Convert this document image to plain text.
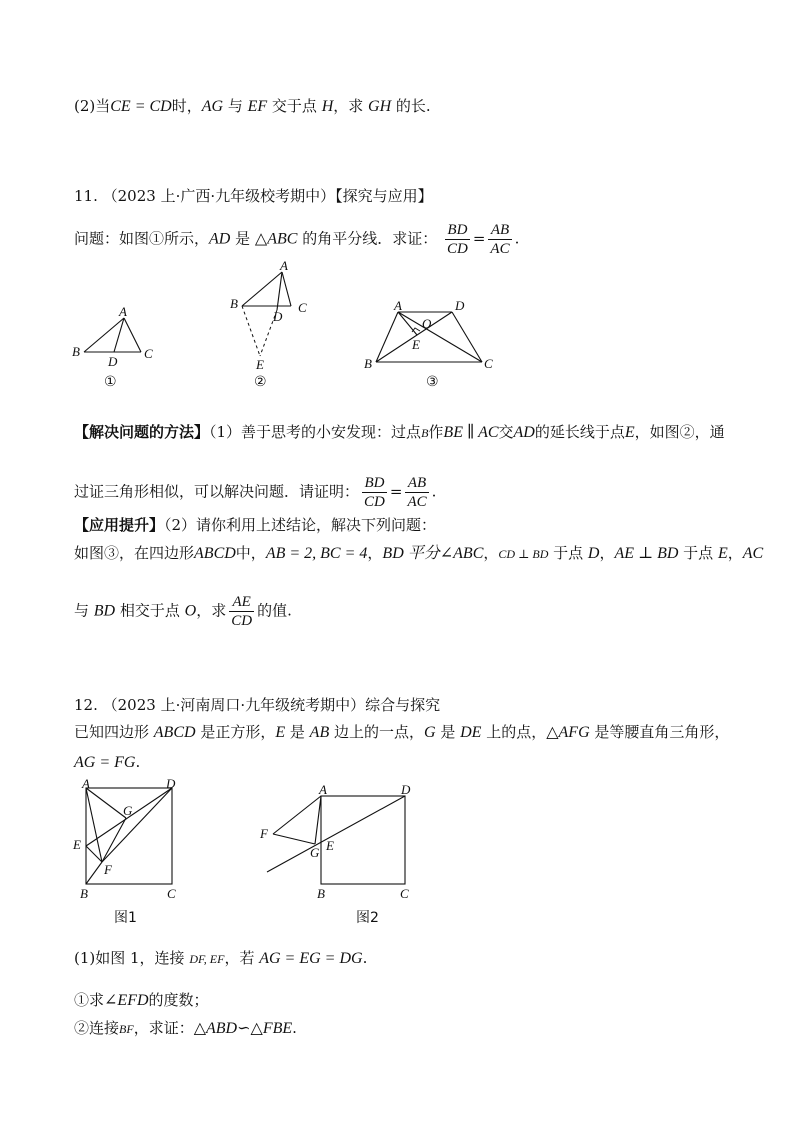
(2)当CE = CD时，AG 与 EF 交于点 H，求 GH 的长.
11. （2023 上·广西·九年级校考期中）【探究与应用】
问题：如图①所示，AD 是 △ABC 的角平分线．求证： $\frac{BD}{CD} = \frac{AB}{AC}$ .
A
B
D
C
①
A
B	C
D
E
②
A	D
O
E
B	C
③
【解决问题的方法】（1）善于思考的小安发现：过点B作BE ∥ AC交AD的延长线于点E，如图②，通
过证三角形相似，可以解决问题．请证明： $\frac{BD}{CD} = \frac{AB}{AC}$ .
【应用提升】（2）请你利用上述结论，解决下列问题：
如图③，在四边形ABCD中，AB = 2, BC = 4，BD 平分∠ABC，CD ⊥ BD 于点 D，AE ⊥ BD 于点 E，AC
与 BD 相交于点 O，求 $\frac{AE}{CD}$ 的值.
12. （2023 上·河南周口·九年级统考期中）综合与探究
已知四边形 ABCD 是正方形，E 是 AB 边上的一点，G 是 DE 上的点，△AFG 是等腰直角三角形，
AG = FG.
A	D
G
E
F
B	C
图1
A	D
F
G E
B	C
图2
(1)如图 1，连接 DF, EF，若 AG = EG = DG.
①求∠EFD的度数；
②连接BF，求证：△ABD∽△FBE.
